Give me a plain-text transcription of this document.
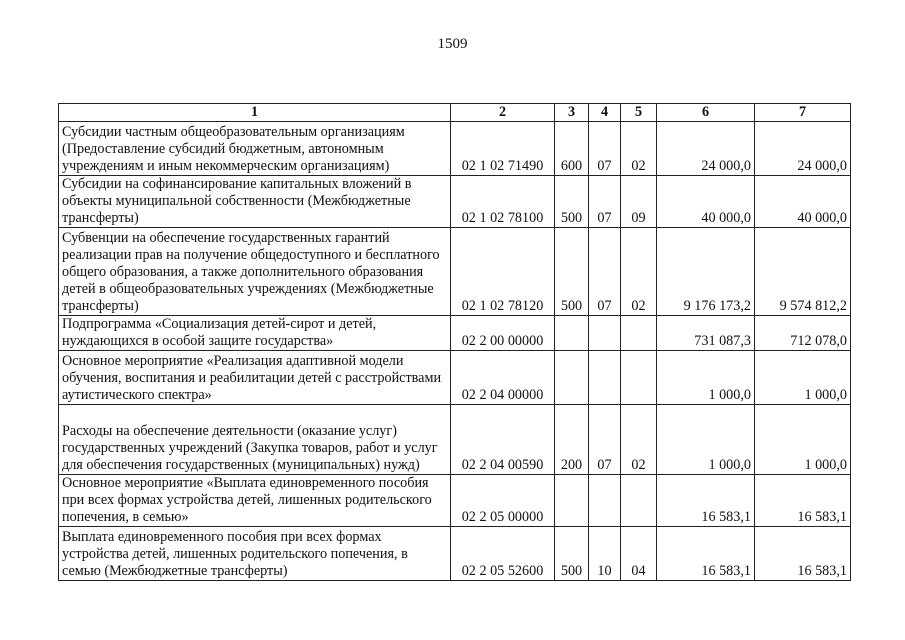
1509
1	2	3	4	5	6	7
Субсидии частным общеобразовательным организациям (Предоставление субсидий бюджетным, автономным учреждениям и иным некоммерческим организациям)	02 1 02 71490	600	07	02	24 000,0	24 000,0
Субсидии на софинансирование капитальных вложений в объекты муниципальной собственности (Межбюджетные трансферты)	02 1 02 78100	500	07	09	40 000,0	40 000,0
Субвенции на обеспечение государственных гарантий реализации прав на получение общедоступного и бесплатного общего образования, а также дополнительного образования детей в общеобразовательных учреждениях (Межбюджетные трансферты)	02 1 02 78120	500	07	02	9 176 173,2	9 574 812,2
Подпрограмма «Социализация детей-сирот и детей, нуждающихся в особой защите государства»	02 2 00 00000				731 087,3	712 078,0
Основное мероприятие «Реализация адаптивной модели обучения, воспитания и реабилитации детей с расстройствами аутистического спектра»	02 2 04 00000				1 000,0	1 000,0
Расходы на обеспечение деятельности (оказание услуг) государственных учреждений (Закупка товаров, работ и услуг для обеспечения государственных (муниципальных) нужд)	02 2 04 00590	200	07	02	1 000,0	1 000,0
Основное мероприятие «Выплата единовременного пособия при всех формах устройства детей, лишенных родительского попечения, в семью»	02 2 05 00000				16 583,1	16 583,1
Выплата единовременного пособия при всех формах устройства детей, лишенных родительского попечения, в семью (Межбюджетные трансферты)	02 2 05 52600	500	10	04	16 583,1	16 583,1
